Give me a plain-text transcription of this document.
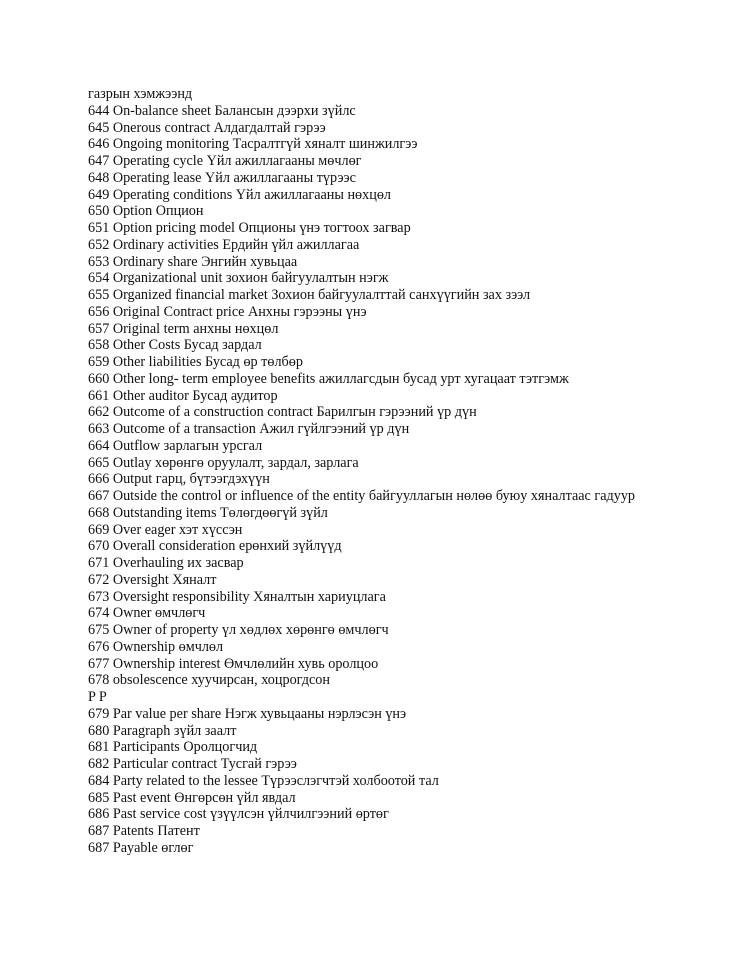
газрын хэмжээнд
644 On-balance sheet Балансын дээрхи зүйлс
645 Onerous contract Алдагдалтай гэрээ
646 Ongoing monitoring Тасралтгүй хяналт шинжилгээ
647 Operating cycle Үйл ажиллагааны мөчлөг
648 Operating lease Үйл ажиллагааны түрээс
649 Operating conditions Үйл ажиллагааны нөхцөл
650 Option Опцион
651 Option pricing model Опционы үнэ тогтоох загвар
652 Ordinary activities Ердийн үйл ажиллагаа
653 Ordinary share Энгийн хувьцаа
654 Organizational unit зохион байгуулалтын нэгж
655 Organized financial market Зохион байгуулалттай санхүүгийн зах зээл
656 Original Contract price Анхны гэрээны үнэ
657 Original term анхны нөхцөл
658 Other Costs Бусад зардал
659 Other liabilities Бусад өр төлбөр
660 Other long- term employee benefits ажиллагсдын бусад урт хугацаат тэтгэмж
661 Other auditor Бусад аудитор
662 Outcome of a construction contract Барилгын гэрээний үр дүн
663 Outcome of a transaction Ажил гүйлгээний үр дүн
664 Outflow зарлагын урсгал
665 Outlay хөрөнгө оруулалт, зардал, зарлага
666 Output гарц, бүтээгдэхүүн
667 Outside the control or influence of the entity байгууллагын нөлөө буюу хяналтаас гадуур
668 Outstanding items Төлөгдөөгүй зүйл
669 Over eager хэт хүссэн
670 Overall consideration ерөнхий зүйлүүд
671 Overhauling их засвар
672 Oversight Хяналт
673 Oversight responsibility Хяналтын хариуцлага
674 Owner өмчлөгч
675 Owner of property үл хөдлөх хөрөнгө өмчлөгч
676 Ownership өмчлөл
677 Ownership interest Өмчлөлийн хувь оролцоо
678 obsolescence хуучирсан, хоцрогдсон
P P
679 Par value per share Нэгж хувьцааны нэрлэсэн үнэ
680 Paragraph зүйл заалт
681 Participants Оролцогчид
682 Particular contract Тусгай гэрээ
684 Party related to the lessee Түрээслэгчтэй холбоотой тал
685 Past event Өнгөрсөн үйл явдал
686 Past service cost үзүүлсэн үйлчилгээний өртөг
687 Patents Патент
687 Payable өглөг
